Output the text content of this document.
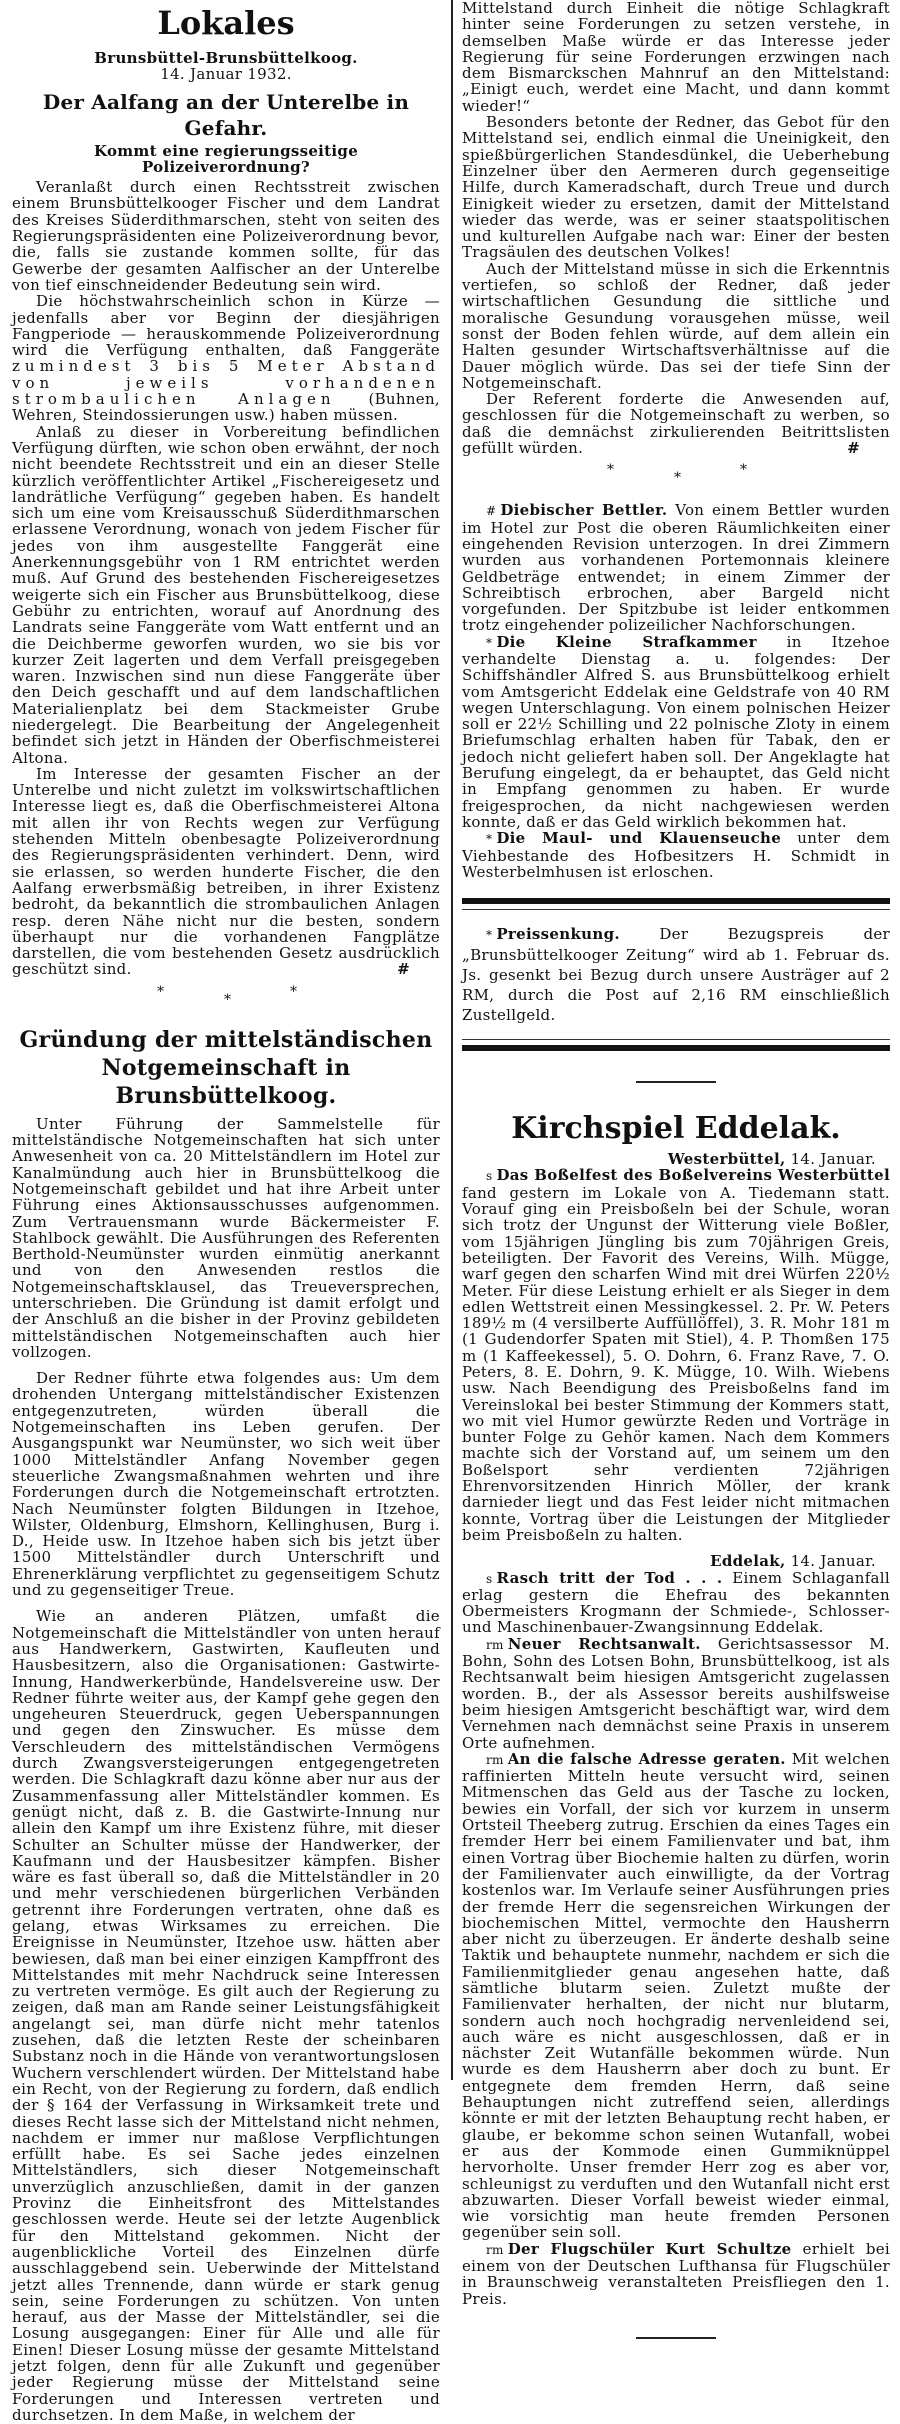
Lokales
Brunsbüttel-Brunsbüttelkoog.
14. Januar 1932.
Der Aalfang an der Unterelbe in Gefahr.
Kommt eine regierungsseitige Polizeiverordnung?

Veranlaßt durch einen Rechtsstreit zwischen einem Brunsbüttelkooger Fischer und dem Landrat des Kreises Süderdithmarschen, steht von seiten des Regierungspräsidenten eine Polizeiverordnung bevor, die, falls sie zustande kommen sollte, für das Gewerbe der gesamten Aalfischer an der Unterelbe von tief einschneidender Bedeutung sein wird.

Die höchstwahrscheinlich schon in Kürze — jedenfalls aber vor Beginn der diesjährigen Fangperiode — herauskommende Polizeiverordnung wird die Verfügung enthalten, daß Fanggeräte zumindest 3 bis 5 Meter Abstand von jeweils vorhandenen strombaulichen Anlagen (Buhnen, Wehren, Steindossierungen usw.) haben müssen.

Anlaß zu dieser in Vorbereitung befindlichen Verfügung dürften, wie schon oben erwähnt, der noch nicht beendete Rechtsstreit und ein an dieser Stelle kürzlich veröffentlichter Artikel „Fischereigesetz und landrätliche Verfügung“ gegeben haben. Es handelt sich um eine vom Kreisausschuß Süderdithmarschen erlassene Verordnung, wonach von jedem Fischer für jedes von ihm ausgestellte Fanggerät eine Anerkennungsgebühr von 1 RM entrichtet werden muß. Auf Grund des bestehenden Fischereigesetzes weigerte sich ein Fischer aus Brunsbüttelkoog, diese Gebühr zu entrichten, worauf auf Anordnung des Landrats seine Fanggeräte vom Watt entfernt und an die Deichberme geworfen wurden, wo sie bis vor kurzer Zeit lagerten und dem Verfall preisgegeben waren. Inzwischen sind nun diese Fanggeräte über den Deich geschafft und auf dem landschaftlichen Materialienplatz bei dem Stackmeister Grube niedergelegt. Die Bearbeitung der Angelegenheit befindet sich jetzt in Händen der Oberfischmeisterei Altona.

Im Interesse der gesamten Fischer an der Unterelbe und nicht zuletzt im volkswirtschaftlichen Interesse liegt es, daß die Oberfischmeisterei Altona mit allen ihr von Rechts wegen zur Verfügung stehenden Mitteln obenbesagte Polizeiverordnung des Regierungspräsidenten verhindert. Denn, wird sie erlassen, so werden hunderte Fischer, die den Aalfang erwerbsmäßig betreiben, in ihrer Existenz bedroht, da bekanntlich die strombaulichen Anlagen resp. deren Nähe nicht nur die besten, sondern überhaupt nur die vorhandenen Fangplätze darstellen, die vom bestehenden Gesetz ausdrücklich geschützt sind.	#

*	*	*
Gründung der mittelständischen Notgemeinschaft in Brunsbüttelkoog.

Unter Führung der Sammelstelle für mittelständische Notgemeinschaften hat sich unter Anwesenheit von ca. 20 Mittelständlern im Hotel zur Kanalmündung auch hier in Brunsbüttelkoog die Notgemeinschaft gebildet und hat ihre Arbeit unter Führung eines Aktionsausschusses aufgenommen. Zum Vertrauensmann wurde Bäckermeister F. Stahlbock gewählt. Die Ausführungen des Referenten Berthold-Neumünster wurden einmütig anerkannt und von den Anwesenden restlos die Notgemeinschaftsklausel, das Treueversprechen, unterschrieben. Die Gründung ist damit erfolgt und der Anschluß an die bisher in der Provinz gebildeten mittelständischen Notgemeinschaften auch hier vollzogen.

Der Redner führte etwa folgendes aus: Um dem drohenden Untergang mittelständischer Existenzen entgegenzutreten, würden überall die Notgemeinschaften ins Leben gerufen. Der Ausgangspunkt war Neumünster, wo sich weit über 1000 Mittelständler Anfang November gegen steuerliche Zwangsmaßnahmen wehrten und ihre Forderungen durch die Notgemeinschaft ertrotzten. Nach Neumünster folgten Bildungen in Itzehoe, Wilster, Oldenburg, Elmshorn, Kellinghusen, Burg i. D., Heide usw. In Itzehoe haben sich bis jetzt über 1500 Mittelständler durch Unterschrift und Ehrenerklärung verpflichtet zu gegenseitigem Schutz und zu gegenseitiger Treue.

Wie an anderen Plätzen, umfaßt die Notgemeinschaft die Mittelständler von unten herauf aus Handwerkern, Gastwirten, Kaufleuten und Hausbesitzern, also die Organisationen: Gastwirte-Innung, Handwerkerbünde, Handelsvereine usw. Der Redner führte weiter aus, der Kampf gehe gegen den ungeheuren Steuerdruck, gegen Ueberspannungen und gegen den Zinswucher. Es müsse dem Verschleudern des mittelständischen Vermögens durch Zwangsversteigerungen entgegengetreten werden. Die Schlagkraft dazu könne aber nur aus der Zusammenfassung aller Mittelständler kommen. Es genügt nicht, daß z. B. die Gastwirte-Innung nur allein den Kampf um ihre Existenz führe, mit dieser Schulter an Schulter müsse der Handwerker, der Kaufmann und der Hausbesitzer kämpfen. Bisher wäre es fast überall so, daß die Mittelständler in 20 und mehr verschiedenen bürgerlichen Verbänden getrennt ihre Forderungen vertraten, ohne daß es gelang, etwas Wirksames zu erreichen. Die Ereignisse in Neumünster, Itzehoe usw. hätten aber bewiesen, daß man bei einer einzigen Kampffront des Mittelstandes mit mehr Nachdruck seine Interessen zu vertreten vermöge. Es gilt auch der Regierung zu zeigen, daß man am Rande seiner Leistungsfähigkeit angelangt sei, man dürfe nicht mehr tatenlos zusehen, daß die letzten Reste der scheinbaren Substanz noch in die Hände von verantwortungslosen Wuchern verschlendert würden. Der Mittelstand habe ein Recht, von der Regierung zu fordern, daß endlich der § 164 der Verfassung in Wirksamkeit trete und dieses Recht lasse sich der Mittelstand nicht nehmen, nachdem er immer nur maßlose Verpflichtungen erfüllt habe. Es sei Sache jedes einzelnen Mittelständlers, sich dieser Notgemeinschaft unverzüglich anzuschließen, damit in der ganzen Provinz die Einheitsfront des Mittelstandes geschlossen werde. Heute sei der letzte Augenblick für den Mittelstand gekommen. Nicht der augenblickliche Vorteil des Einzelnen dürfe ausschlaggebend sein. Ueberwinde der Mittelstand jetzt alles Trennende, dann würde er stark genug sein, seine Forderungen zu schützen. Von unten herauf, aus der Masse der Mittelständler, sei die Losung ausgegangen: Einer für Alle und alle für Einen! Dieser Losung müsse der gesamte Mittelstand jetzt folgen, denn für alle Zukunft und gegenüber jeder Regierung müsse der Mittelstand seine Forderungen und Interessen vertreten und durchsetzen. In dem Maße, in welchem der

Mittelstand durch Einheit die nötige Schlagkraft hinter seine Forderungen zu setzen verstehe, in demselben Maße würde er das Interesse jeder Regierung für seine Forderungen erzwingen nach dem Bismarckschen Mahnruf an den Mittelstand: „Einigt euch, werdet eine Macht, und dann kommt wieder!“

Besonders betonte der Redner, das Gebot für den Mittelstand sei, endlich einmal die Uneinigkeit, den spießbürgerlichen Standesdünkel, die Ueberhebung Einzelner über den Aermeren durch gegenseitige Hilfe, durch Kameradschaft, durch Treue und durch Einigkeit wieder zu ersetzen, damit der Mittelstand wieder das werde, was er seiner staatspolitischen und kulturellen Aufgabe nach war: Einer der besten Tragsäulen des deutschen Volkes!

Auch der Mittelstand müsse in sich die Erkenntnis vertiefen, so schloß der Redner, daß jeder wirtschaftlichen Gesundung die sittliche und moralische Gesundung vorausgehen müsse, weil sonst der Boden fehlen würde, auf dem allein ein Halten gesunder Wirtschaftsverhältnisse auf die Dauer möglich würde. Das sei der tiefe Sinn der Notgemeinschaft.

Der Referent forderte die Anwesenden auf, geschlossen für die Notgemeinschaft zu werben, so daß die demnächst zirkulierenden Beitrittslisten gefüllt würden.	#

*	*	*

# Diebischer Bettler. Von einem Bettler wurden im Hotel zur Post die oberen Räumlichkeiten einer eingehenden Revision unterzogen. In drei Zimmern wurden aus vorhandenen Portemonnais kleinere Geldbeträge entwendet; in einem Zimmer der Schreibtisch erbrochen, aber Bargeld nicht vorgefunden. Der Spitzbube ist leider entkommen trotz eingehender polizeilicher Nachforschungen.

* Die Kleine Strafkammer in Itzehoe verhandelte Dienstag a. u. folgendes: Der Schiffshändler Alfred S. aus Brunsbüttelkoog erhielt vom Amtsgericht Eddelak eine Geldstrafe von 40 RM wegen Unterschlagung. Von einem polnischen Heizer soll er 22½ Schilling und 22 polnische Zloty in einem Briefumschlag erhalten haben für Tabak, den er jedoch nicht geliefert haben soll. Der Angeklagte hat Berufung eingelegt, da er behauptet, das Geld nicht in Empfang genommen zu haben. Er wurde freigesprochen, da nicht nachgewiesen werden konnte, daß er das Geld wirklich bekommen hat.

* Die Maul- und Klauenseuche unter dem Viehbestande des Hofbesitzers H. Schmidt in Westerbelmhusen ist erloschen.

* Preissenkung.	Der Bezugspreis der „Brunsbüttelkooger Zeitung“ wird ab 1. Februar ds. Js. gesenkt bei Bezug durch unsere Austräger auf 2 RM, durch die Post auf 2,16 RM einschließlich Zustellgeld.

Kirchspiel Eddelak.
Westerbüttel, 14. Januar.

s Das Boßelfest des Boßelvereins Westerbüttel fand gestern im Lokale von A. Tiedemann statt. Vorauf ging ein Preisboßeln bei der Schule, woran sich trotz der Ungunst der Witterung viele Boßler, vom 15jährigen Jüngling bis zum 70jährigen Greis, beteiligten. Der Favorit des Vereins, Wilh. Mügge, warf gegen den scharfen Wind mit drei Würfen 220½ Meter. Für diese Leistung erhielt er als Sieger in dem edlen Wettstreit einen Messingkessel. 2. Pr. W. Peters 189½ m (4 versilberte Auffüllöffel), 3. R. Mohr 181 m (1 Gudendorfer Spaten mit Stiel), 4. P. Thomßen 175 m (1 Kaffeekessel), 5. O. Dohrn, 6. Franz Rave, 7. O. Peters, 8. E. Dohrn, 9. K. Mügge, 10. Wilh. Wiebens usw. Nach Beendigung des Preisboßelns fand im Vereinslokal bei bester Stimmung der Kommers statt, wo mit viel Humor gewürzte Reden und Vorträge in bunter Folge zu Gehör kamen. Nach dem Kommers machte sich der Vorstand auf, um seinem um den Boßelsport sehr verdienten 72jährigen Ehrenvorsitzenden Hinrich Möller, der krank darnieder liegt und das Fest leider nicht mitmachen konnte, Vortrag über die Leistungen der Mitglieder beim Preisboßeln zu halten.

Eddelak, 14. Januar.

s Rasch tritt der Tod . . . Einem Schlaganfall erlag gestern die Ehefrau des bekannten Obermeisters Krogmann der Schmiede-, Schlosser- und Maschinenbauer-Zwangsinnung Eddelak.

rm Neuer Rechtsanwalt. Gerichtsassessor M. Bohn, Sohn des Lotsen Bohn, Brunsbüttelkoog, ist als Rechtsanwalt beim hiesigen Amtsgericht zugelassen worden. B., der als Assessor bereits aushilfsweise beim hiesigen Amtsgericht beschäftigt war, wird dem Vernehmen nach demnächst seine Praxis in unserem Orte aufnehmen.

rm An die falsche Adresse geraten. Mit welchen raffinierten Mitteln heute versucht wird, seinen Mitmenschen das Geld aus der Tasche zu locken, bewies ein Vorfall, der sich vor kurzem in unserm Ortsteil Theeberg zutrug. Erschien da eines Tages ein fremder Herr bei einem Familienvater und bat, ihm einen Vortrag über Biochemie halten zu dürfen, worin der Familienvater auch einwilligte, da der Vortrag kostenlos war. Im Verlaufe seiner Ausführungen pries der fremde Herr die segensreichen Wirkungen der biochemischen Mittel, vermochte den Hausherrn aber nicht zu überzeugen. Er änderte deshalb seine Taktik und behauptete nunmehr, nachdem er sich die Familienmitglieder genau angesehen hatte, daß sämtliche blutarm seien. Zuletzt mußte der Familienvater herhalten, der nicht nur blutarm, sondern auch noch hochgradig nervenleidend sei, auch wäre es nicht ausgeschlossen, daß er in nächster Zeit Wutanfälle bekommen würde. Nun wurde es dem Hausherrn aber doch zu bunt. Er entgegnete dem fremden Herrn, daß seine Behauptungen nicht zutreffend seien, allerdings könnte er mit der letzten Behauptung recht haben, er glaube, er bekomme schon seinen Wutanfall, wobei er aus der Kommode einen Gummiknüppel hervorholte. Unser fremder Herr zog es aber vor, schleunigst zu verduften und den Wutanfall nicht erst abzuwarten. Dieser Vorfall beweist wieder einmal, wie vorsichtig man heute fremden Personen gegenüber sein soll.

rm Der Flugschüler Kurt Schultze erhielt bei einem von der Deutschen Lufthansa für Flugschüler in Braunschweig veranstalteten Preisfliegen den 1. Preis.
